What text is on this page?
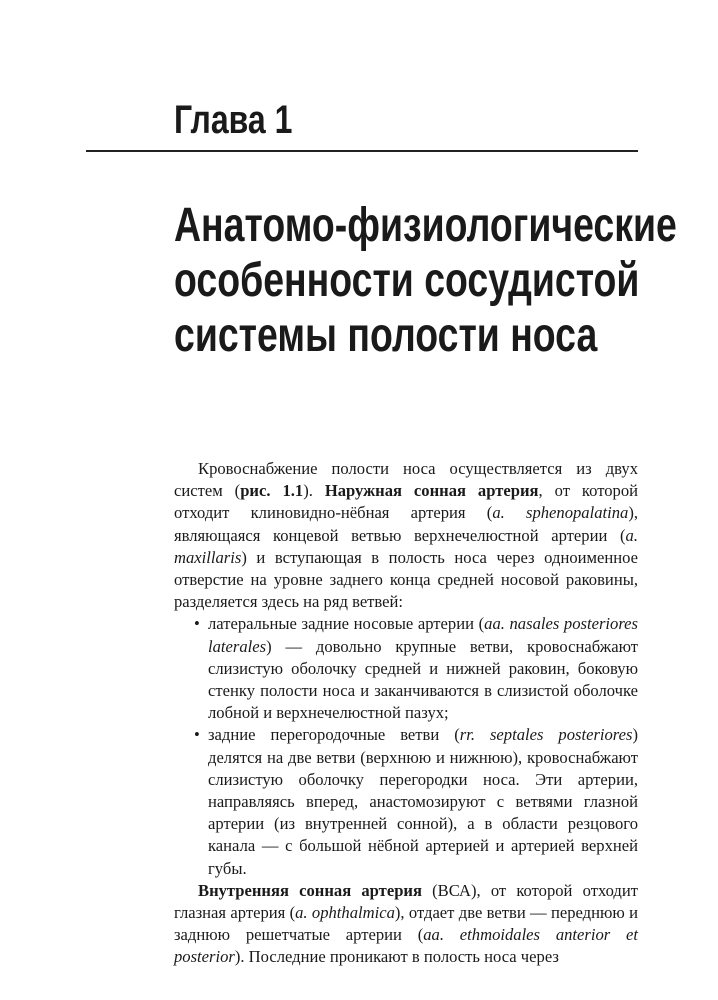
Глава 1
Анатомо-физиологические
особенности сосудистой
системы полости носа

Кровоснабжение полости носа осуществляется из двух систем (рис. 1.1). Наружная сонная артерия, от которой отходит клиновидно-нёбная артерия (a. sphenopalatina), являющаяся концевой ветвью верхнечелюстной артерии (a. maxillaris) и вступающая в полость носа через одноименное отверстие на уровне заднего конца средней носовой раковины, разделяется здесь на ряд ветвей:

• латеральные задние носовые артерии (aa. nasales posteriores laterales) — довольно крупные ветви, кровоснабжают слизистую оболочку средней и нижней раковин, боковую стенку полости носа и заканчиваются в слизистой оболочке лобной и верхнечелюстной пазух;
• задние перегородочные ветви (rr. septales posteriores) делятся на две ветви (верхнюю и нижнюю), кровоснабжают слизистую оболочку перегородки носа. Эти артерии, направляясь вперед, анастомозируют с ветвями глазной артерии (из внутренней сонной), а в области резцового канала — с большой нёбной артерией и артерией верхней губы.

Внутренняя сонная артерия (ВСА), от которой отходит глазная артерия (a. ophthalmica), отдает две ветви — переднюю и заднюю решетчатые артерии (aa. ethmoidales anterior et posterior). Последние проникают в полость носа через
